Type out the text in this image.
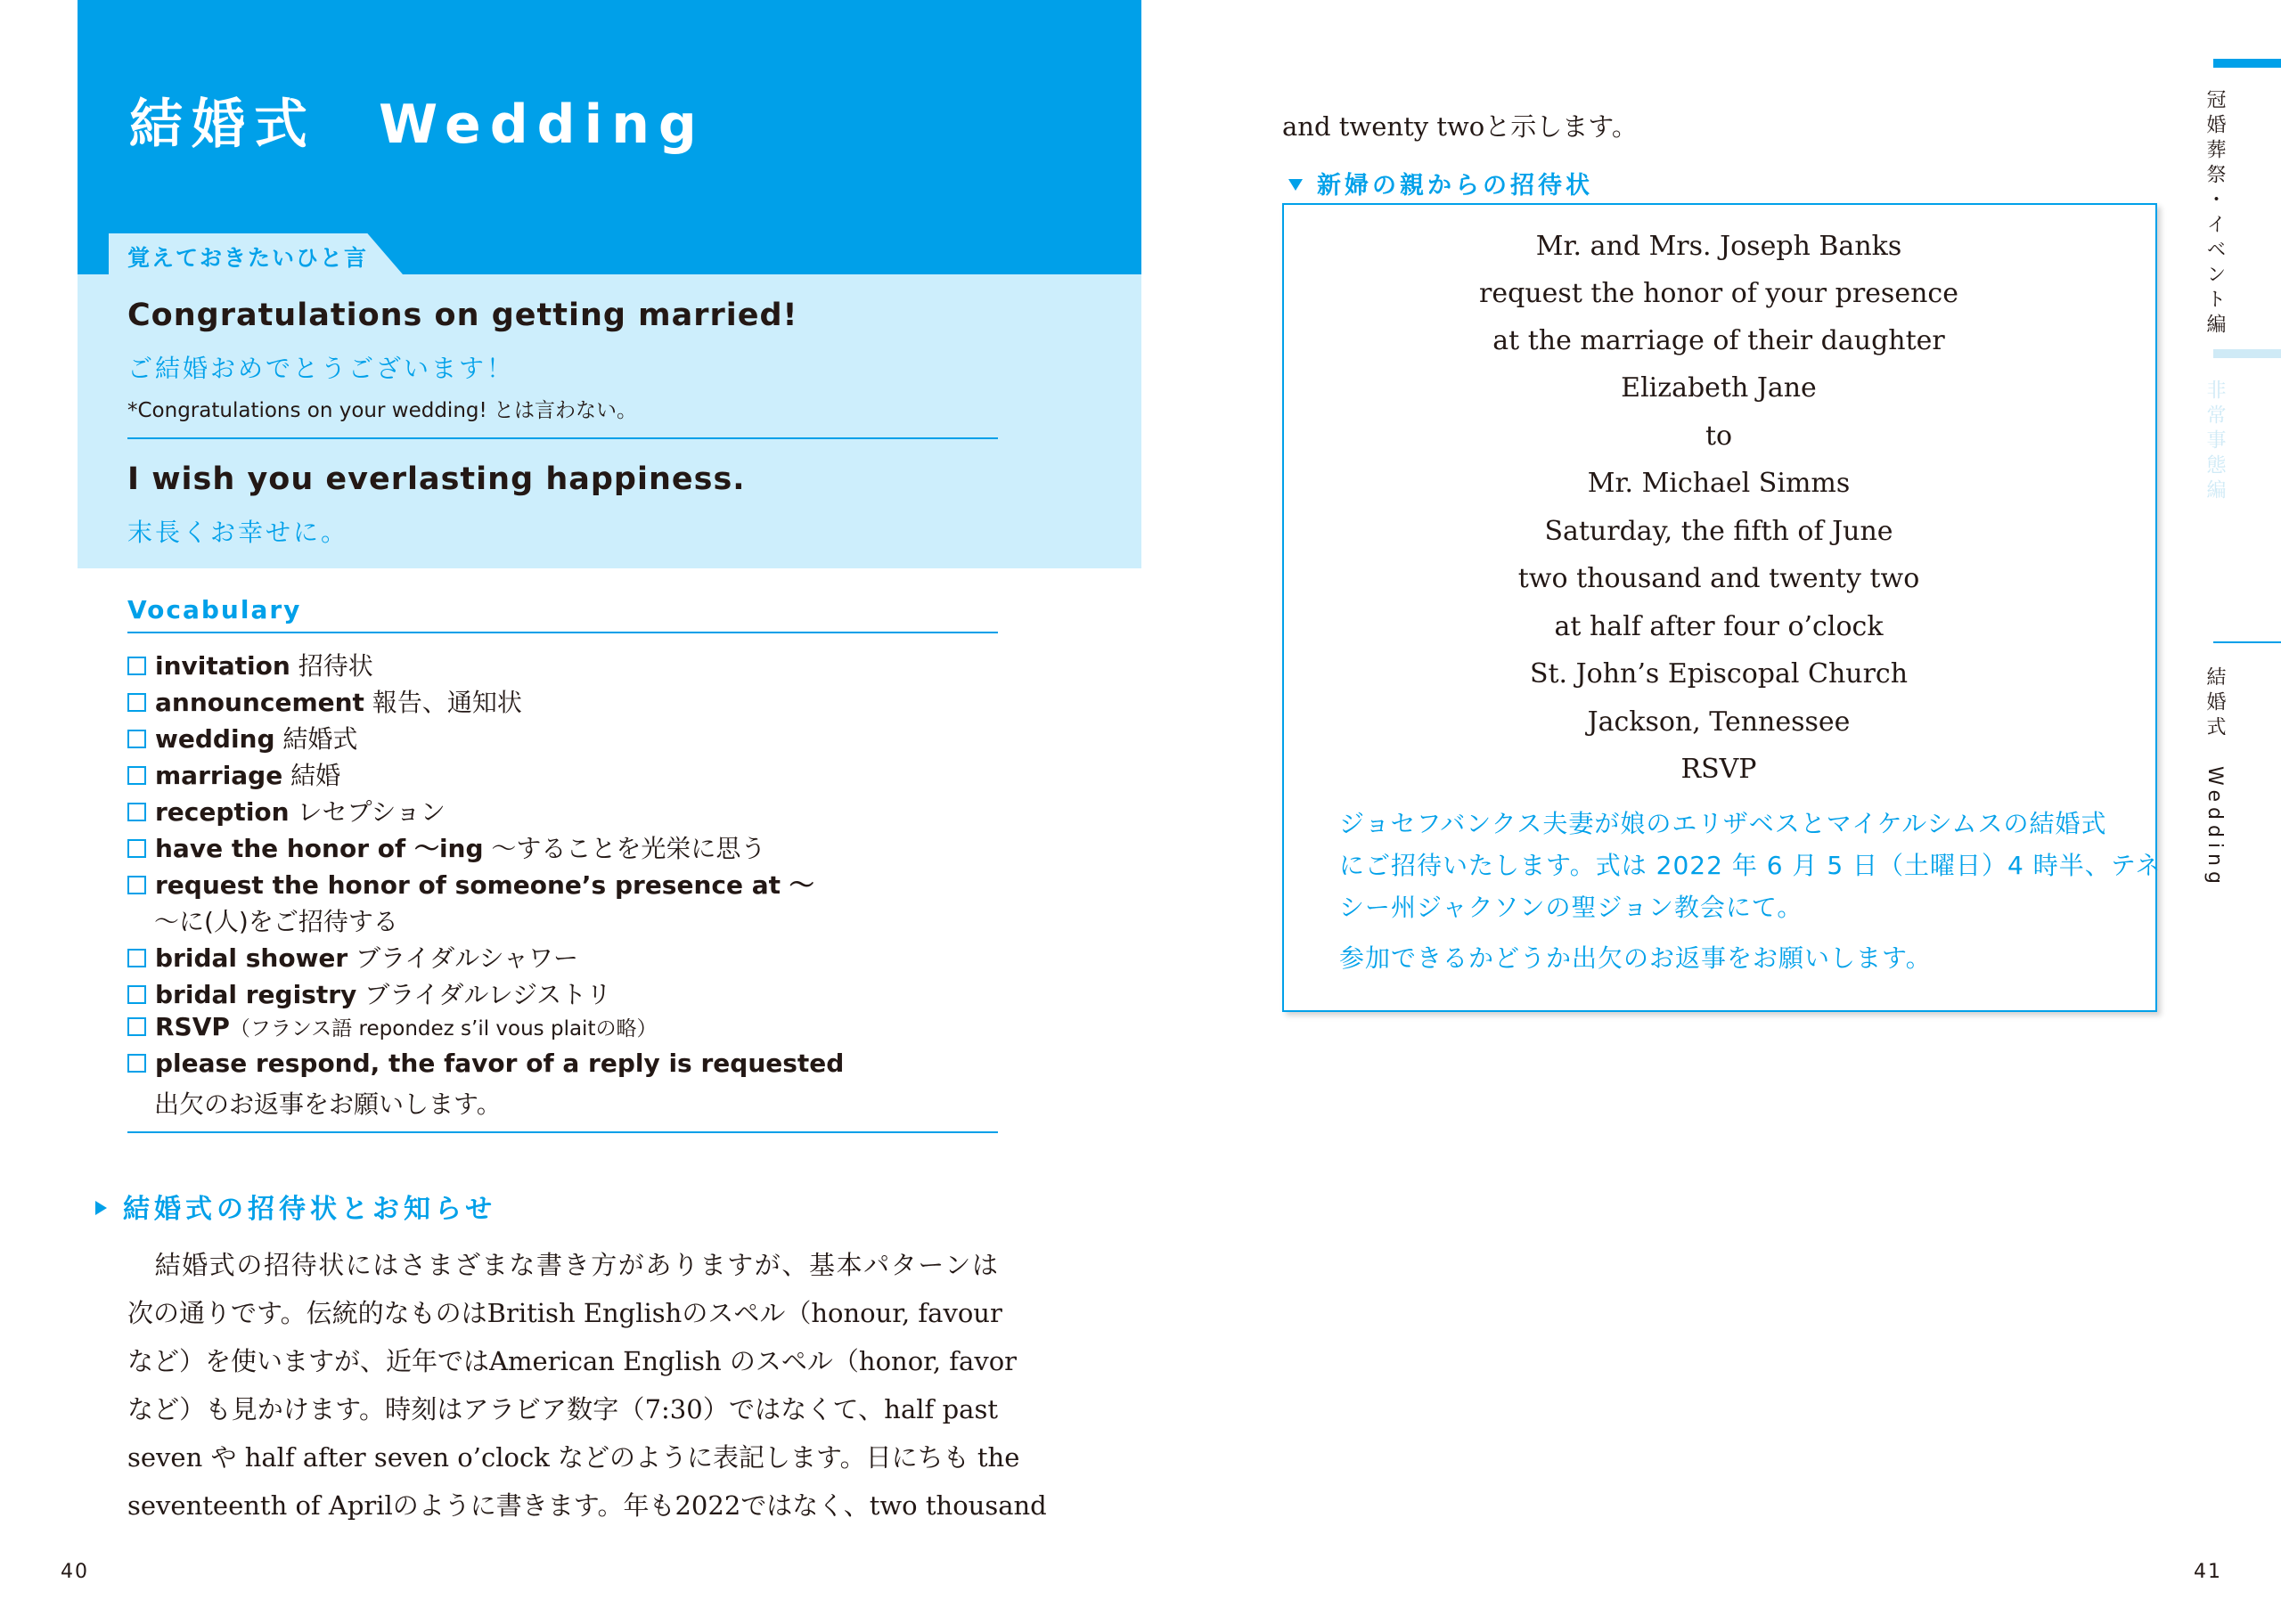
結婚式　Wedding
覚えておきたいひと言
Congratulations on getting married!
ご結婚おめでとうございます！
*Congratulations on your wedding! とは言わない。
I wish you everlasting happiness.
末長くお幸せに。
Vocabulary
invitation 招待状
announcement 報告、通知状
wedding 結婚式
marriage 結婚
reception レセプション
have the honor of ～ing ～することを光栄に思う
request the honor of someone’s presence at ～
～に(人)をご招待する
bridal shower ブライダルシャワー
bridal registry ブライダルレジストリ
RSVP（フランス語 repondez s’il vous plaitの略）
please respond, the favor of a reply is requested
出欠のお返事をお願いします。
結婚式の招待状とお知らせ
　結婚式の招待状にはさまざまな書き方がありますが、基本パターンは
次の通りです。伝統的なものはBritish Englishのスペル（honour, favour
など）を使いますが、近年ではAmerican English のスペル（honor, favor
など）も見かけます。時刻はアラビア数字（7:30）ではなくて、half past
seven や half after seven o’clock などのように表記します。日にちも the
seventeenth of Aprilのように書きます。年も2022ではなく、two thousand
40
and twenty twoと示します。
新婦の親からの招待状
Mr. and Mrs. Joseph Banks
request the honor of your presence
at the marriage of their daughter
Elizabeth Jane
to
Mr. Michael Simms
Saturday, the fifth of June
two thousand and twenty two
at half after four o’clock
St. John’s Episcopal Church
Jackson, Tennessee
RSVP
ジョセフバンクス夫妻が娘のエリザベスとマイケルシムスの結婚式
にご招待いたします。式は 2022 年 6 月 5 日（土曜日）4 時半、テネ
シー州ジャクソンの聖ジョン教会にて。
参加できるかどうか出欠のお返事をお願いします。
41
冠婚葬祭・イベント編
非常事態編
結婚式　Wedding
